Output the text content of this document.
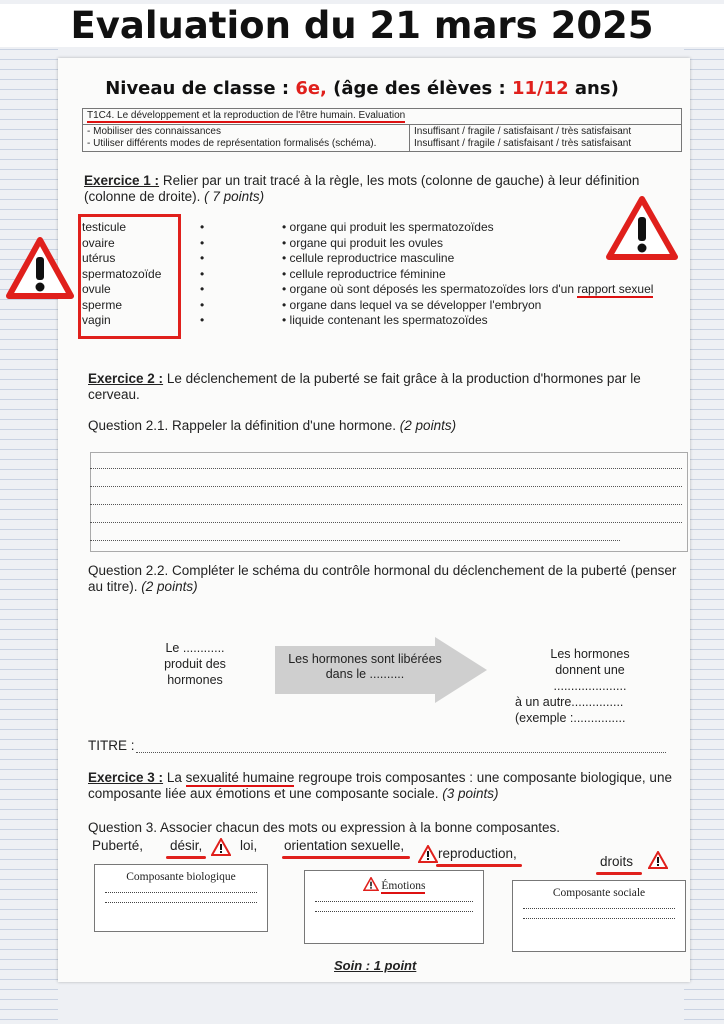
Evaluation du 21 mars 2025
Niveau de classe : 6e, (âge des élèves : 11/12 ans)
T1C4. Le développement et la reproduction de l'être humain. Evaluation
- Mobiliser des connaissances
- Utiliser différents modes de représentation formalisés (schéma).
Insuffisant / fragile / satisfaisant / très satisfaisant
Insuffisant / fragile / satisfaisant / très satisfaisant
Exercice 1 : Relier par un trait tracé à la règle, les mots (colonne de gauche) à leur définition (colonne de droite). ( 7 points)
testicule
ovaire
utérus
spermatozoïde
ovule
sperme
vagin
•
•
•
•
•
•
•
• organe qui produit les spermatozoïdes
• organe qui produit les ovules
• cellule reproductrice masculine
• cellule reproductrice féminine
• organe où sont déposés les spermatozoïdes lors d'un rapport sexuel
• organe dans lequel va se développer l'embryon
• liquide contenant les spermatozoïdes
Exercice 2 : Le déclenchement de la puberté se fait grâce à la production d'hormones par le cerveau.
Question 2.1. Rappeler la définition d'une hormone. (2 points)
Question 2.2. Compléter le schéma du contrôle hormonal du déclenchement de la puberté (penser au titre). (2 points)
Le ............
produit des
hormones
Les hormones sont libérées
dans le ..........
Les hormones
donnent une
.....................
à un autre...............
(exemple :...............
TITRE :
Exercice 3 : La sexualité humaine regroupe trois composantes : une composante biologique, une composante liée aux émotions et une composante sociale. (3 points)
Question 3. Associer chacun des mots ou expression à la bonne composantes.
Puberté, désir,	loi, orientation sexuelle,
reproduction,
droits
Composante biologique
Émotions
Composante sociale
Soin : 1 point
